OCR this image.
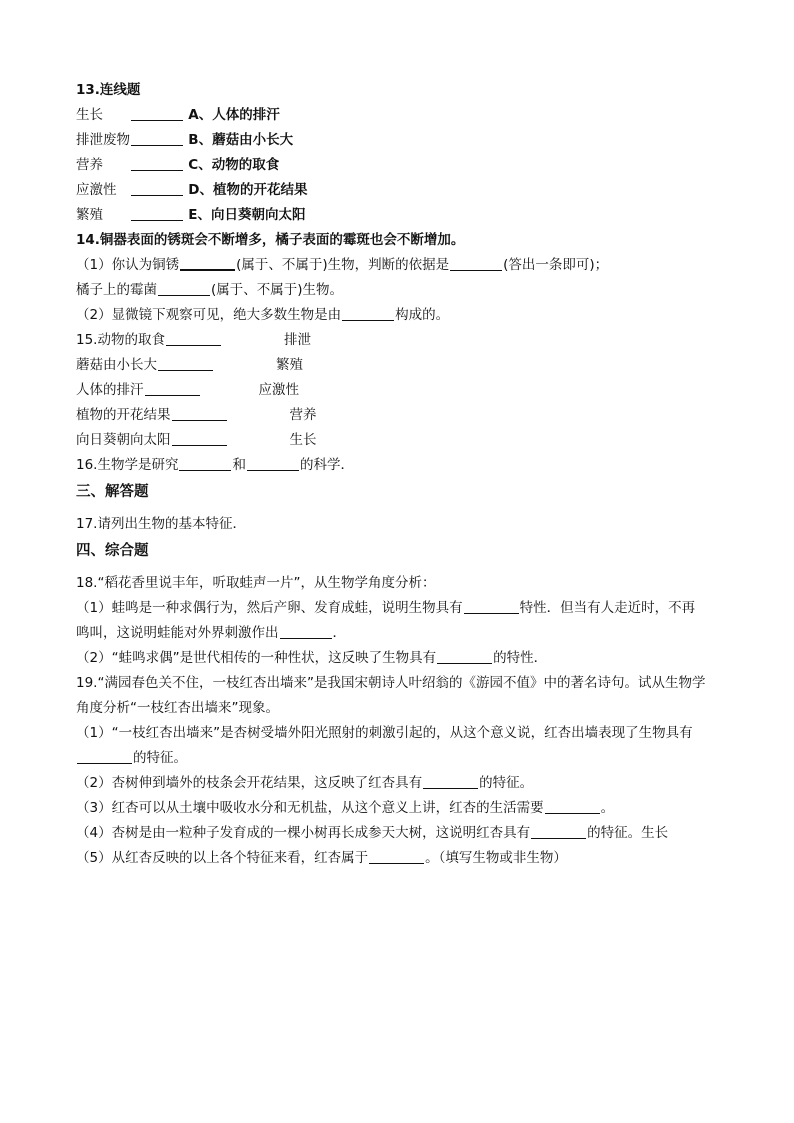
13.连线题
生长	A、人体的排汗
排泄废物	B、蘑菇由小长大
营养	C、动物的取食
应激性	D、植物的开花结果
繁殖	E、向日葵朝向太阳
14.铜器表面的锈斑会不断增多，橘子表面的霉斑也会不断增加。
（1）你认为铜锈	(属于、不属于)生物，判断的依据是	(答出一条即可)；
橘子上的霉菌	(属于、不属于)生物。
（2）显微镜下观察可见，绝大多数生物是由	构成的。
15.动物的取食	排泄
蘑菇由小长大	繁殖
人体的排汗	应激性
植物的开花结果	营养
向日葵朝向太阳	生长
16.生物学是研究	和	的科学．
三、解答题
17.请列出生物的基本特征．
四、综合题
18.“稻花香里说丰年，听取蛙声一片”，从生物学角度分析：
（1）蛙鸣是一种求偶行为，然后产卵、发育成蛙，说明生物具有	特性．但当有人走近时，不再
鸣叫，这说明蛙能对外界刺激作出	．
（2）“蛙鸣求偶”是世代相传的一种性状，这反映了生物具有	的特性．
19.“满园春色关不住，一枝红杏出墙来”是我国宋朝诗人叶绍翁的《游园不值》中的著名诗句。试从生物学
角度分析“一枝红杏出墙来”现象。
（1）“一枝红杏出墙来”是杏树受墙外阳光照射的刺激引起的，从这个意义说，红杏出墙表现了生物具有
的特征。
（2）杏树伸到墙外的枝条会开花结果，这反映了红杏具有	的特征。
（3）红杏可以从土壤中吸收水分和无机盐，从这个意义上讲，红杏的生活需要	。
（4）杏树是由一粒种子发育成的一棵小树再长成参天大树，这说明红杏具有	的特征。生长
（5）从红杏反映的以上各个特征来看，红杏属于	。（填写生物或非生物）
